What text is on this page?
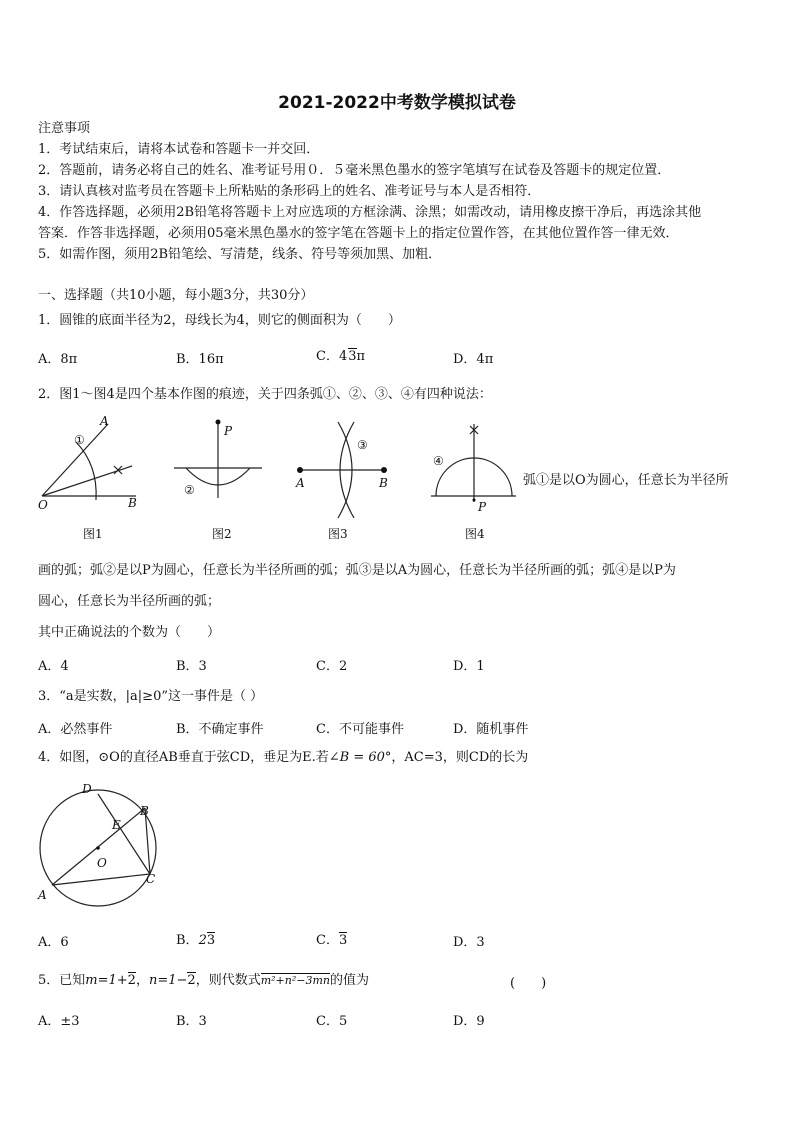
2021-2022中考数学模拟试卷
注意事项
1．考试结束后，请将本试卷和答题卡一并交回．
2．答题前，请务必将自己的姓名、准考证号用０．５毫米黑色墨水的签字笔填写在试卷及答题卡的规定位置．
3．请认真核对监考员在答题卡上所粘贴的条形码上的姓名、准考证号与本人是否相符．
4．作答选择题，必须用2B铅笔将答题卡上对应选项的方框涂满、涂黑；如需改动，请用橡皮擦干净后，再选涂其他
答案．作答非选择题，必须用05毫米黑色墨水的签字笔在答题卡上的指定位置作答，在其他位置作答一律无效．
5．如需作图，须用2B铅笔绘、写清楚，线条、符号等须加黑、加粗．
一、选择题（共10小题，每小题3分，共30分）
1．圆锥的底面半径为2，母线长为4，则它的侧面积为（　　）
A．8π	B．16π	C．43π	D．4π
2．图1～图4是四个基本作图的痕迹，关于四条弧①、②、③、④有四种说法：
A
①
O	B
P
②
③
A	B
④
P
弧①是以O为圆心，任意长为半径所
图1	图2	图3	图4
画的弧；弧②是以P为圆心，任意长为半径所画的弧；弧③是以A为圆心，任意长为半径所画的弧；弧④是以P为
圆心，任意长为半径所画的弧；
其中正确说法的个数为（　　）
A．4	B．3	C．2	D．1
3．“a是实数，|a|≥0”这一事件是（ ）
A．必然事件	B．不确定事件	C．不可能事件	D．随机事件
4．如图，⊙O的直径AB垂直于弦CD，垂足为E.若∠B = 60°，AC=3，则CD的长为
D
B
E
O
C
A
A．6	B．23	C．3	D．3
5．已知m=1+2，n=1−2，则代数式m²+n²−3mn的值为	(　　)
A．±3	B．3	C．5	D．9
